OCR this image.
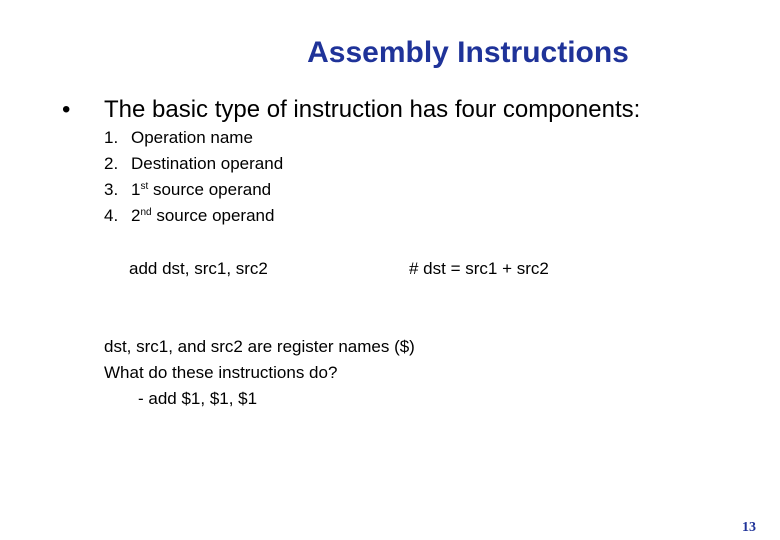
Assembly Instructions
• The basic type of instruction has four components:
1. Operation name
2. Destination operand
3. 1st source operand
4. 2nd source operand
add dst, src1, src2	# dst = src1 + src2
dst, src1, and src2 are register names ($)
What do these instructions do?
- add $1, $1, $1
13
